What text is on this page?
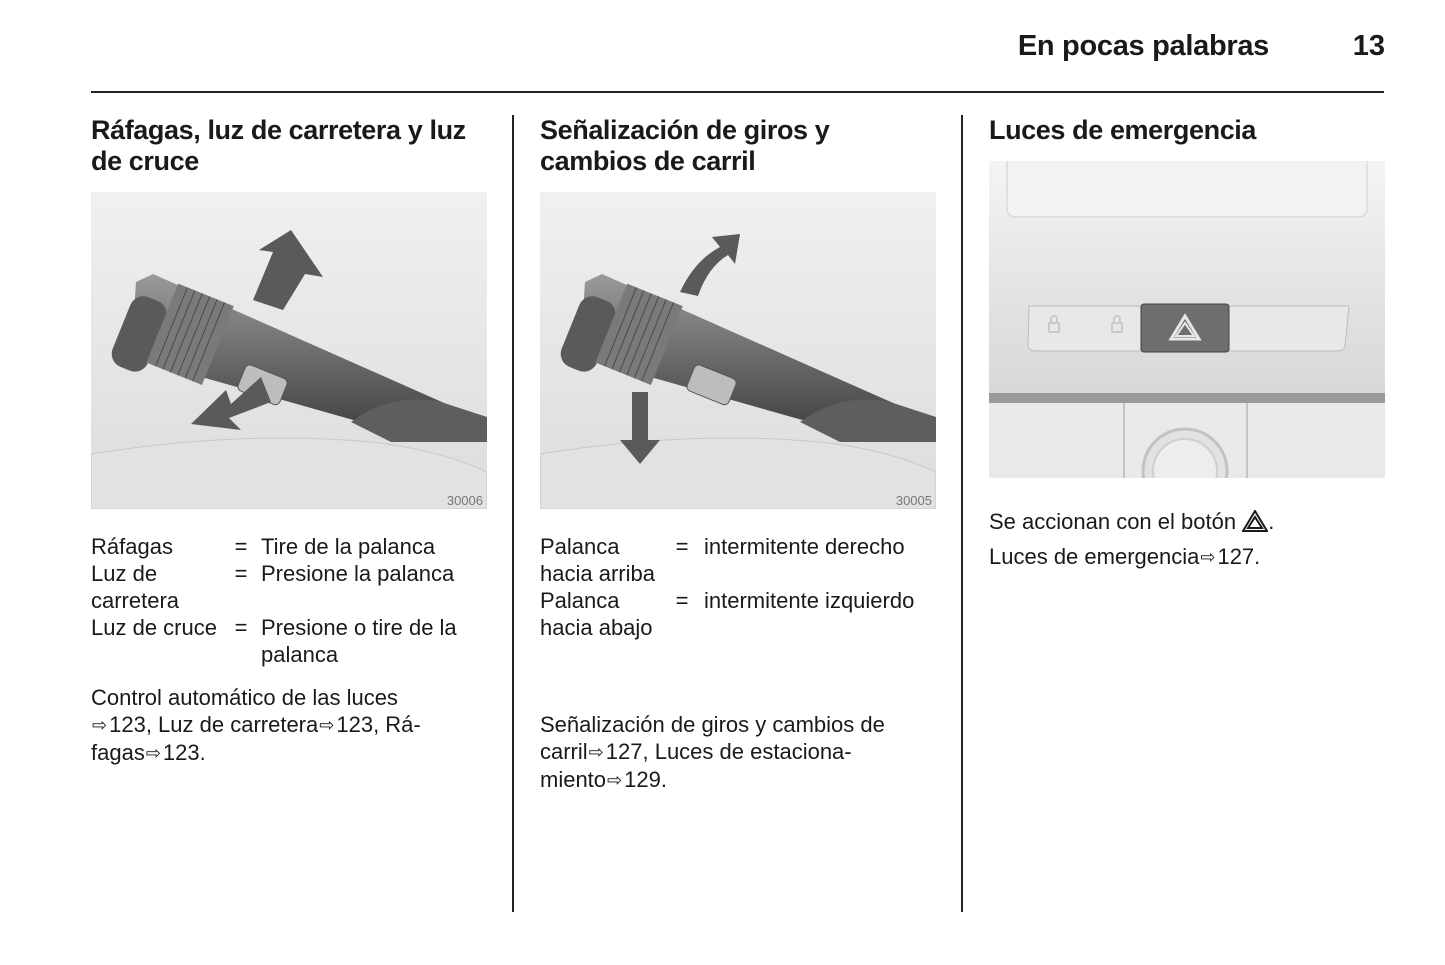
En pocas palabras	13
Ráfagas, luz de carretera y luz de cruce
30006
Ráfagas	= Tire de la palanca
Luz de carretera
= Presione la palanca
Luz de cruce = Presione o tire de la palanca
Control automático de las luces
⇨123, Luz de carretera⇨123, Rá-
fagas⇨123.
Señalización de giros y cambios de carril
30005
Palanca hacia arriba
= intermitente derecho
Palanca hacia abajo
= intermitente izquierdo
Señalización de giros y cambios de
carril⇨127, Luces de estaciona-
miento⇨129.
Luces de emergencia
Se accionan con el botón .
Luces de emergencia⇨127.
